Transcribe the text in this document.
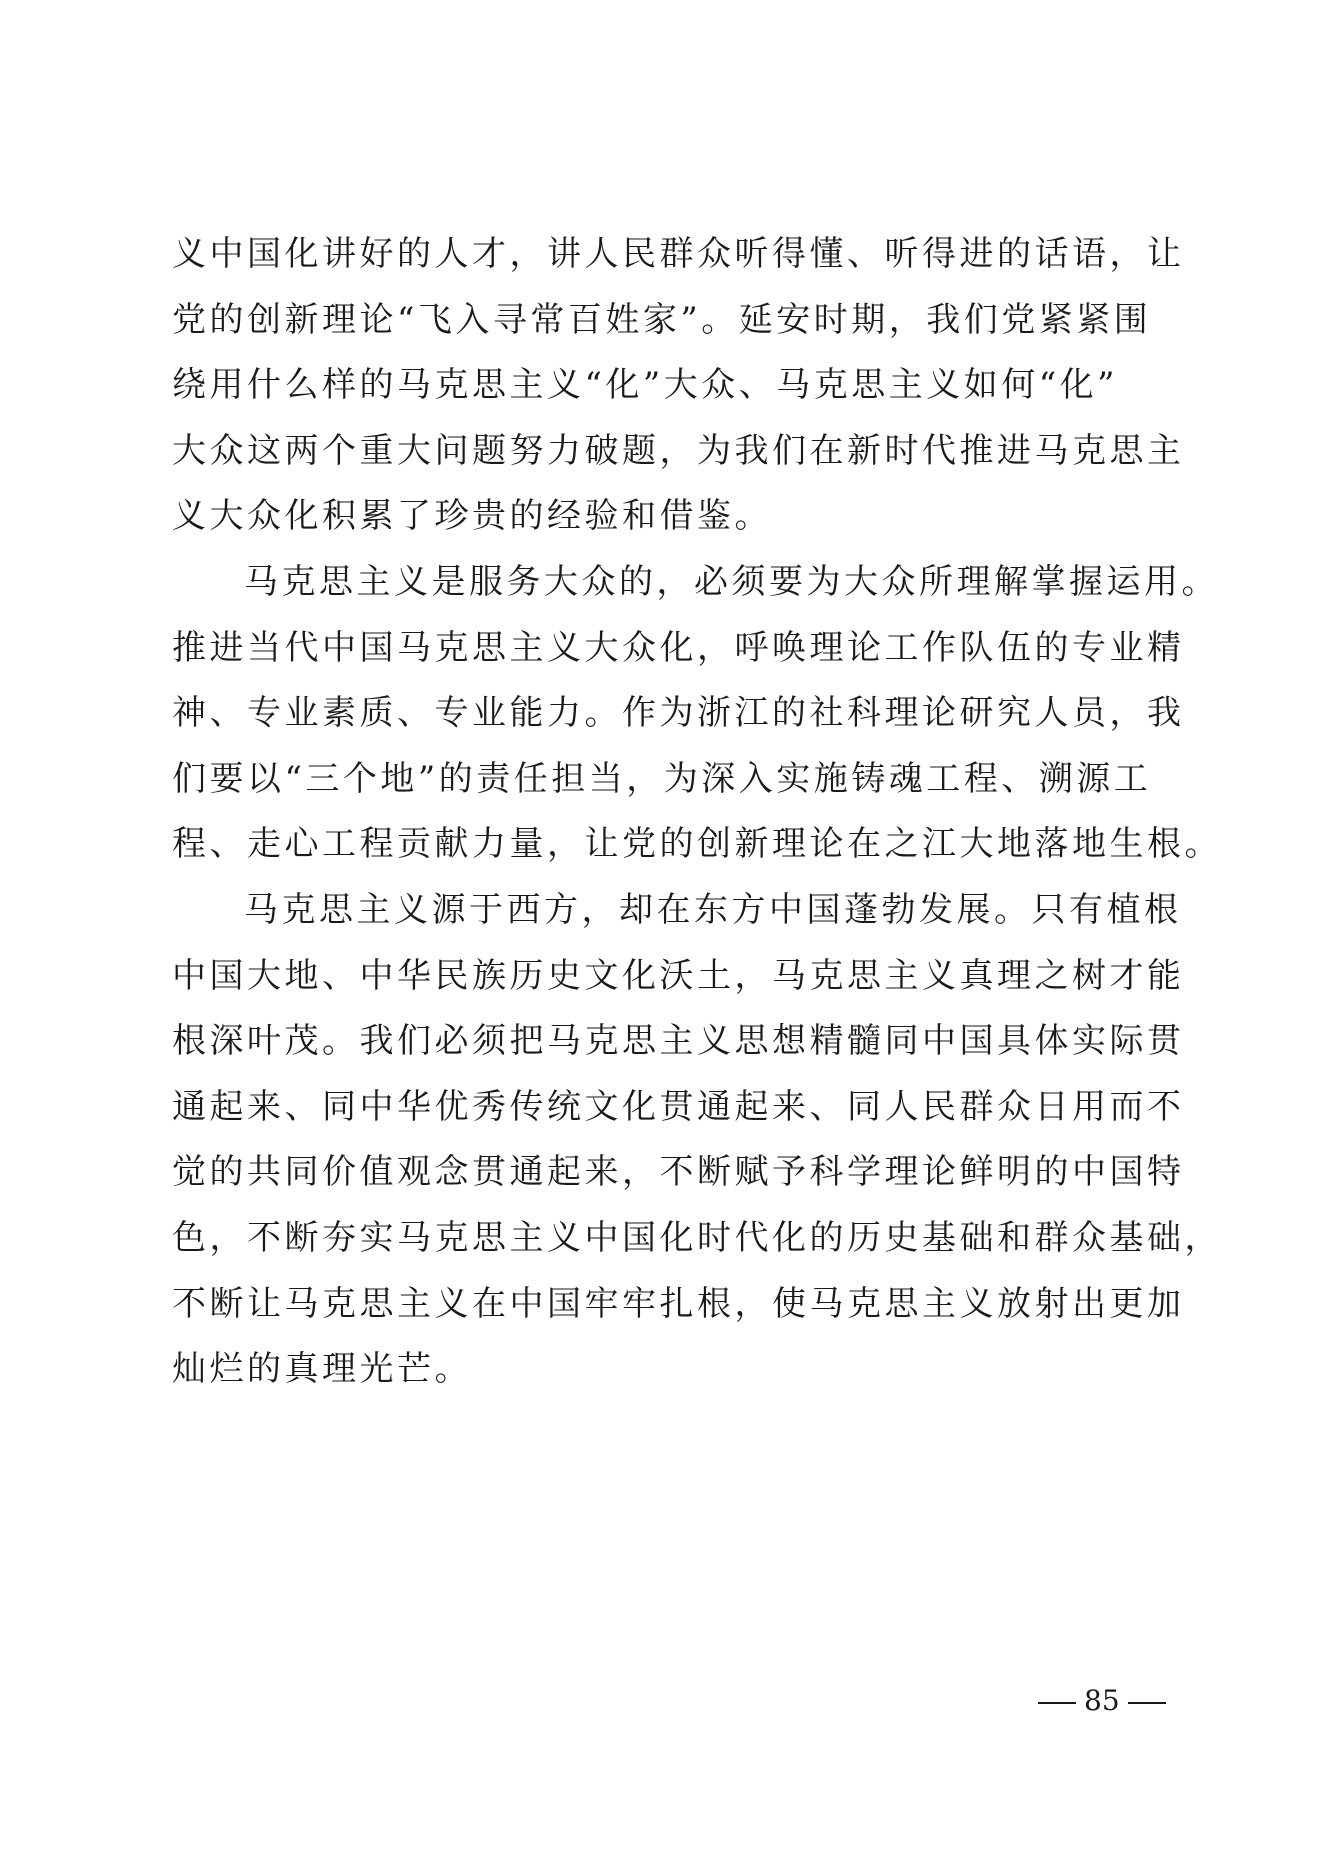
义中国化讲好的人才，讲人民群众听得懂、听得进的话语，让
党的创新理论“飞入寻常百姓家”。延安时期，我们党紧紧围
绕用什么样的马克思主义“化”大众、马克思主义如何“化”
大众这两个重大问题努力破题，为我们在新时代推进马克思主
义大众化积累了珍贵的经验和借鉴。
马克思主义是服务大众的，必须要为大众所理解掌握运用。
推进当代中国马克思主义大众化，呼唤理论工作队伍的专业精
神、专业素质、专业能力。作为浙江的社科理论研究人员，我
们要以“三个地”的责任担当，为深入实施铸魂工程、溯源工
程、走心工程贡献力量，让党的创新理论在之江大地落地生根。
马克思主义源于西方，却在东方中国蓬勃发展。只有植根
中国大地、中华民族历史文化沃土，马克思主义真理之树才能
根深叶茂。我们必须把马克思主义思想精髓同中国具体实际贯
通起来、同中华优秀传统文化贯通起来、同人民群众日用而不
觉的共同价值观念贯通起来，不断赋予科学理论鲜明的中国特
色，不断夯实马克思主义中国化时代化的历史基础和群众基础，
不断让马克思主义在中国牢牢扎根，使马克思主义放射出更加
灿烂的真理光芒。
85
